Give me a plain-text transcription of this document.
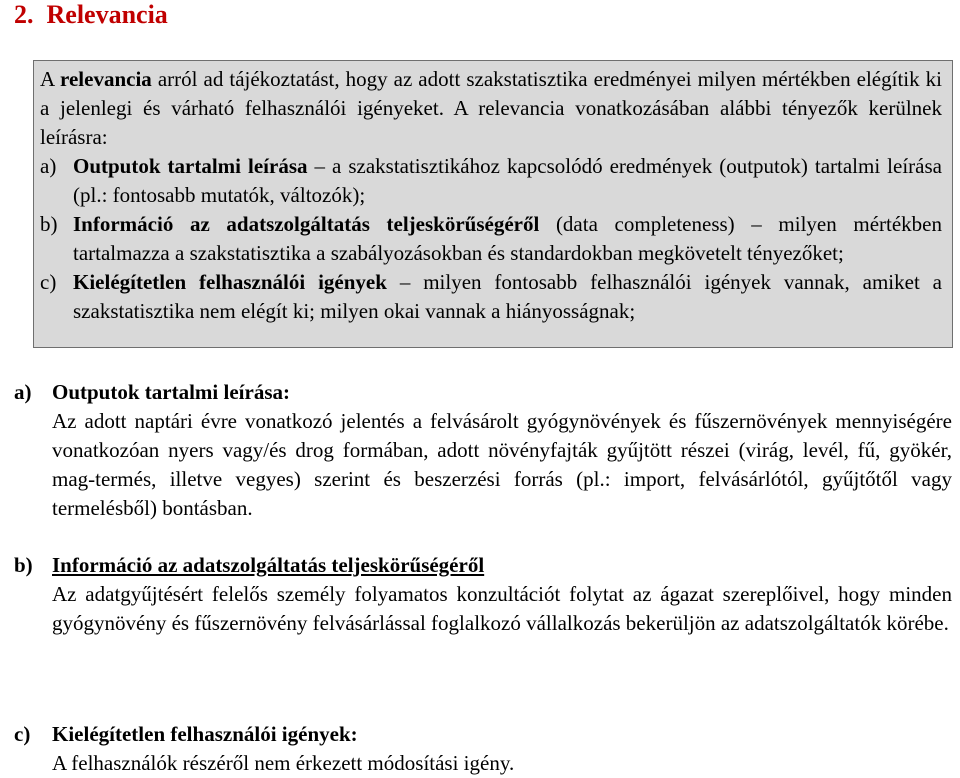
2.  Relevancia

A relevancia arról ad tájékoztatást, hogy az adott szakstatisztika eredményei milyen mértékben elégítik ki a jelenlegi és várható felhasználói igényeket. A relevancia vonatkozásában alábbi tényezők kerülnek leírásra:

a) Outputok tartalmi leírása – a szakstatisztikához kapcsolódó eredmények (outputok) tartalmi leírása (pl.: fontosabb mutatók, változók);
b) Információ az adatszolgáltatás teljeskörűségéről (data completeness) – milyen mértékben tartalmazza a szakstatisztika a szabályozásokban és standardokban megkövetelt tényezőket;
c) Kielégítetlen felhasználói igények – milyen fontosabb felhasználói igények vannak, amiket a szakstatisztika nem elégít ki; milyen okai vannak a hiányosságnak;
a) Outputok tartalmi leírása:
Az adott naptári évre vonatkozó jelentés a felvásárolt gyógynövények és fűszernövények mennyiségére vonatkozóan nyers vagy/és drog formában, adott növényfajták gyűjtött részei (virág, levél, fű, gyökér, mag-termés, illetve vegyes) szerint és beszerzési forrás (pl.: import, felvásárlótól, gyűjtőtől vagy termelésből) bontásban.
b) Információ az adatszolgáltatás teljeskörűségéről
Az adatgyűjtésért felelős személy folyamatos konzultációt folytat az ágazat szereplőivel, hogy minden gyógynövény és fűszernövény felvásárlással foglalkozó vállalkozás bekerüljön az adatszolgáltatók körébe.
c)	Kielégítetlen felhasználói igények:
A felhasználók részéről nem érkezett módosítási igény.
